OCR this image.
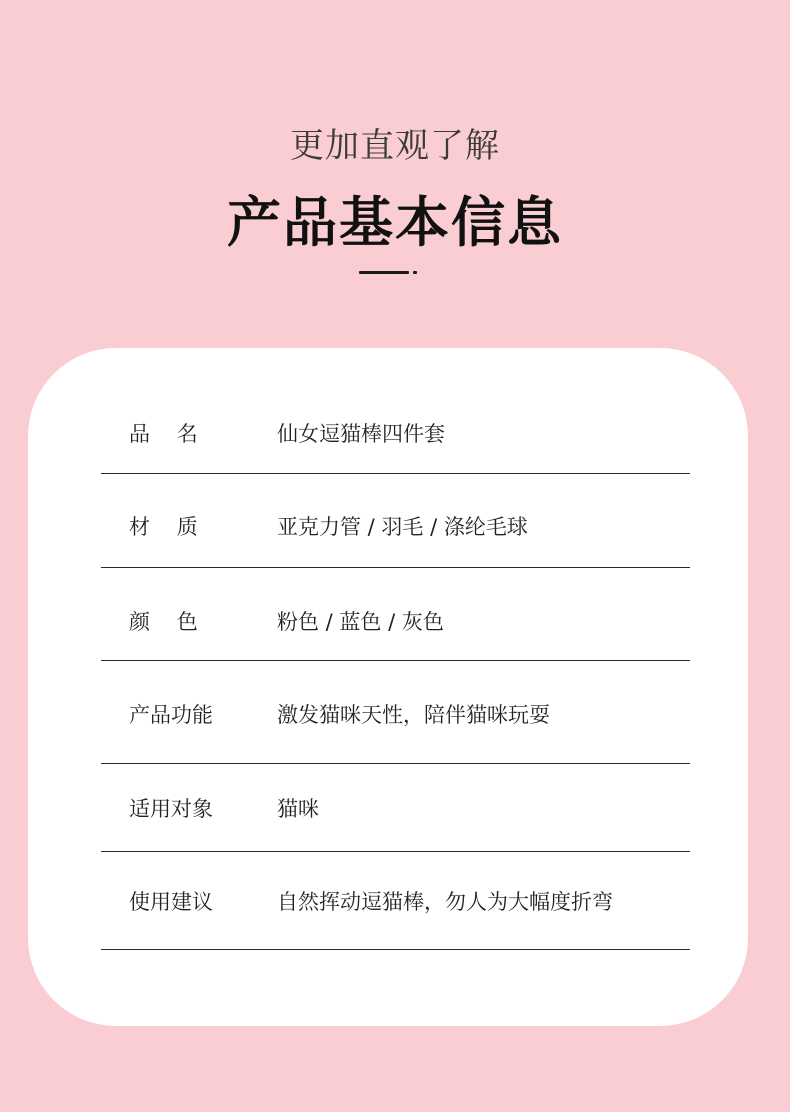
更加直观了解
产品基本信息
品    名	仙女逗猫棒四件套
材    质	亚克力管 / 羽毛 / 涤纶毛球
颜    色	粉色 / 蓝色 / 灰色
产品功能	激发猫咪天性，陪伴猫咪玩耍
适用对象	猫咪
使用建议	自然挥动逗猫棒，勿人为大幅度折弯
